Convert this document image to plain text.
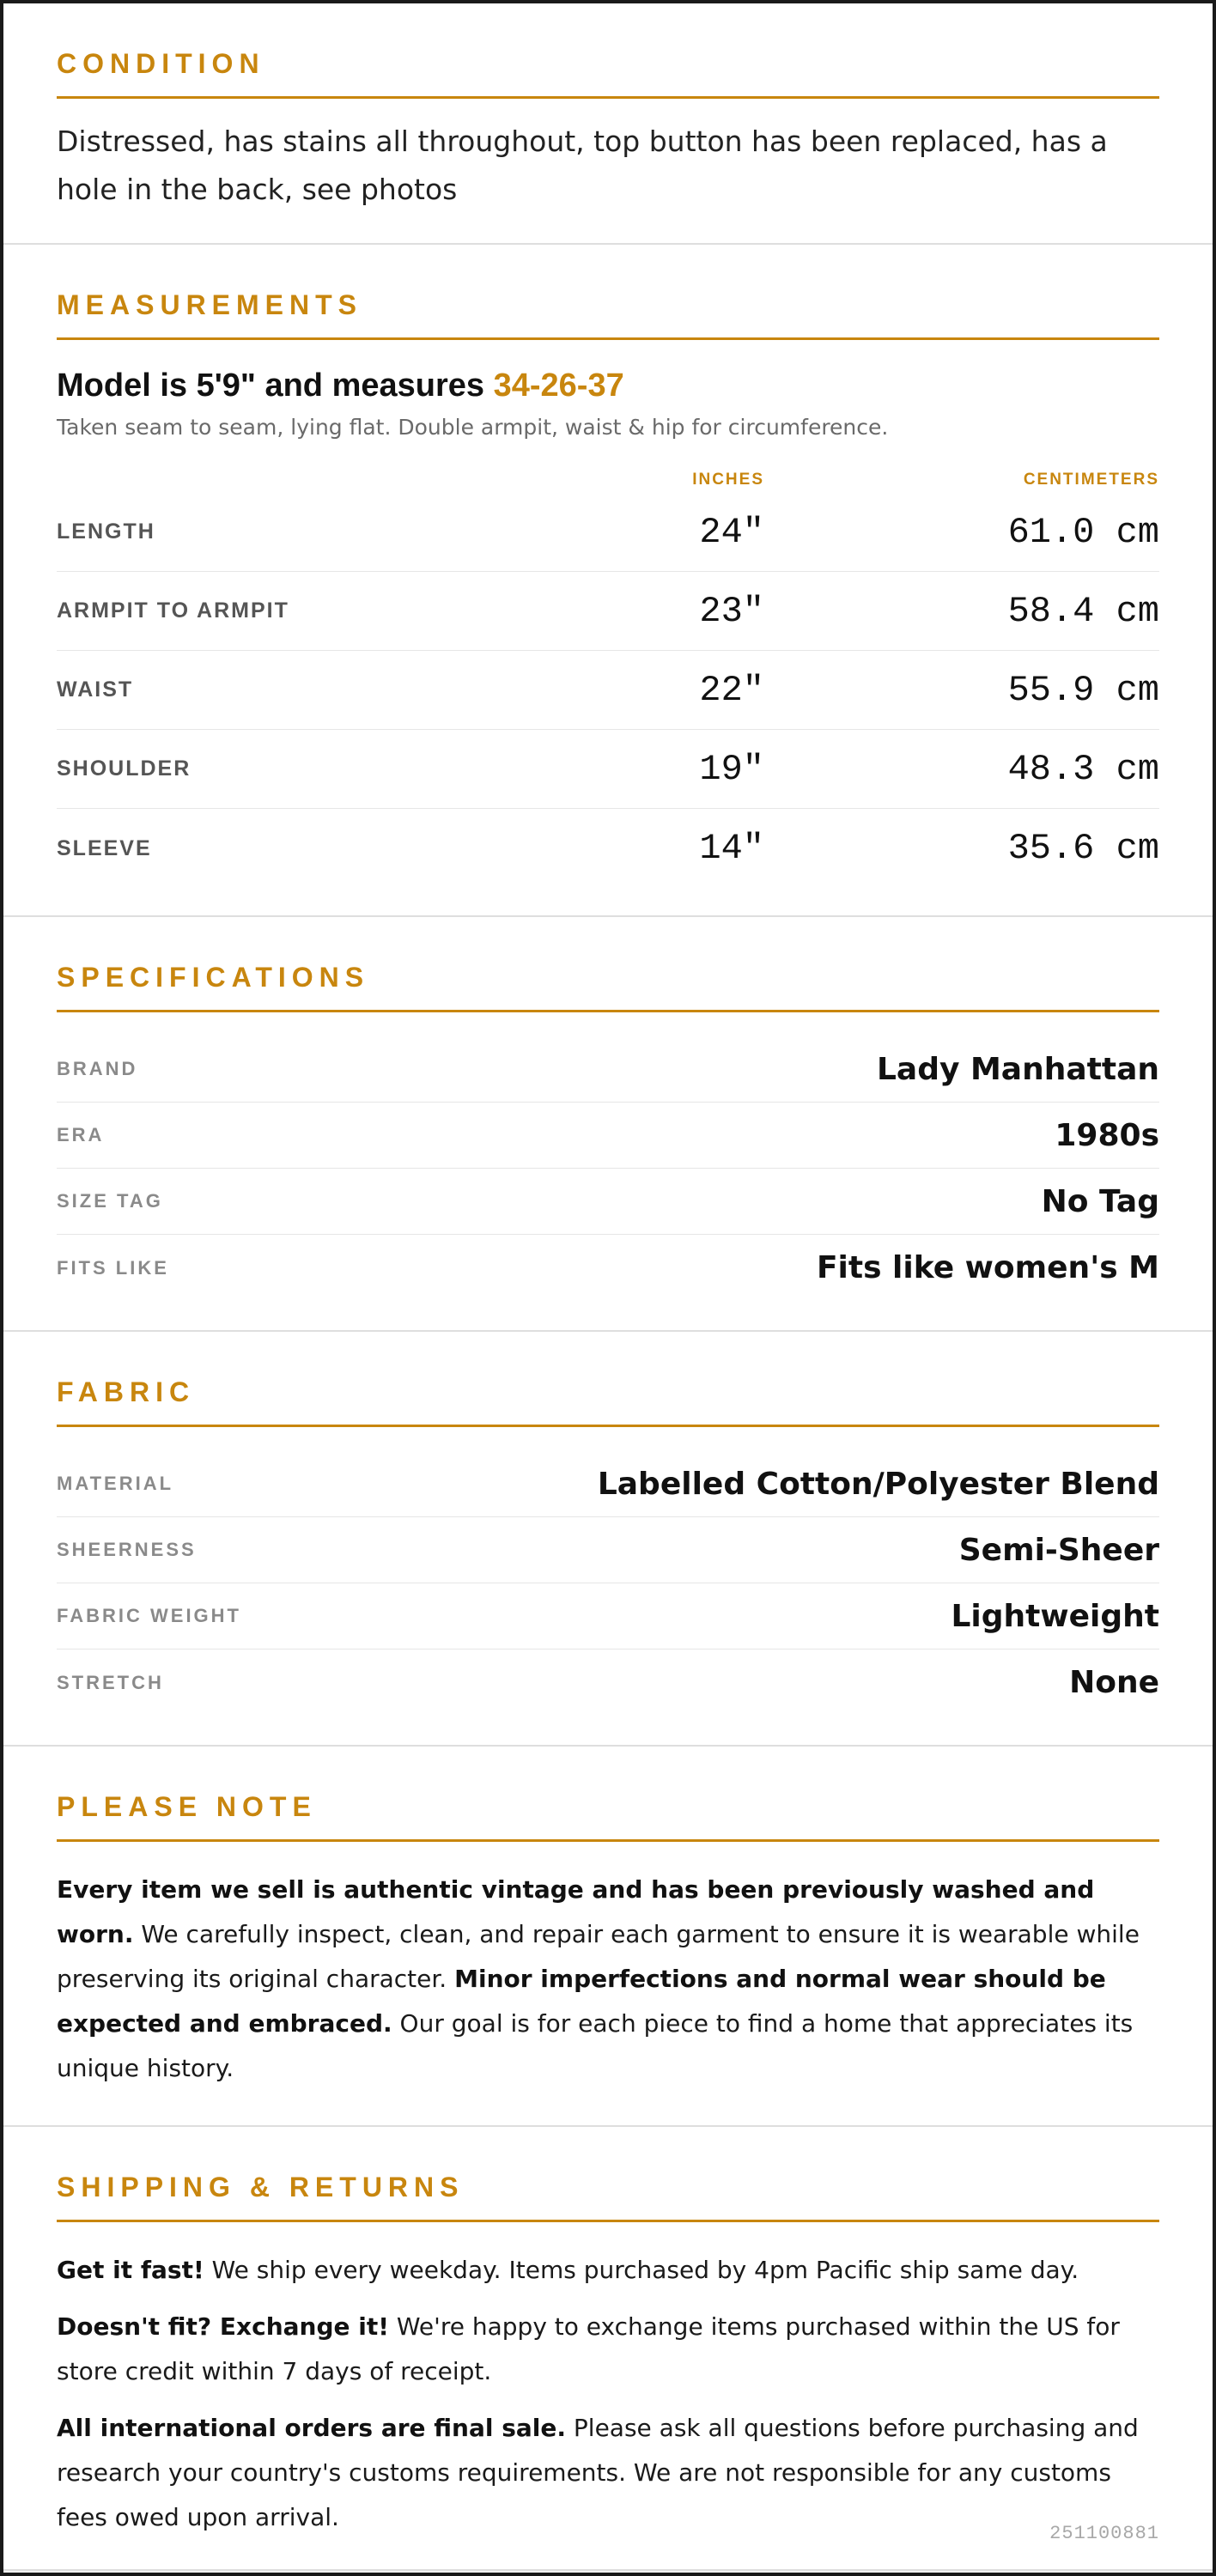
CONDITION
Distressed, has stains all throughout, top button has been replaced, has a hole in the back, see photos
MEASUREMENTS
Model is 5'9" and measures 34-26-37
Taken seam to seam, lying flat. Double armpit, waist & hip for circumference.
INCHES	CENTIMETERS
LENGTH	24"	61.0 cm
ARMPIT TO ARMPIT	23"	58.4 cm
WAIST	22"	55.9 cm
SHOULDER	19"	48.3 cm
SLEEVE	14"	35.6 cm
SPECIFICATIONS
BRAND	Lady Manhattan
ERA	1980s
SIZE TAG	No Tag
FITS LIKE	Fits like women's M
FABRIC
MATERIAL	Labelled Cotton/Polyester Blend
SHEERNESS	Semi-Sheer
FABRIC WEIGHT	Lightweight
STRETCH	None
PLEASE NOTE
Every item we sell is authentic vintage and has been previously washed and worn. We carefully inspect, clean, and repair each garment to ensure it is wearable while preserving its original character. Minor imperfections and normal wear should be expected and embraced. Our goal is for each piece to find a home that appreciates its unique history.
SHIPPING & RETURNS

Get it fast! We ship every weekday. Items purchased by 4pm Pacific ship same day.

Doesn't fit? Exchange it! We're happy to exchange items purchased within the US for store credit within 7 days of receipt.

All international orders are final sale. Please ask all questions before purchasing and research your country's customs requirements. We are not responsible for any customs fees owed upon arrival.

251100881
